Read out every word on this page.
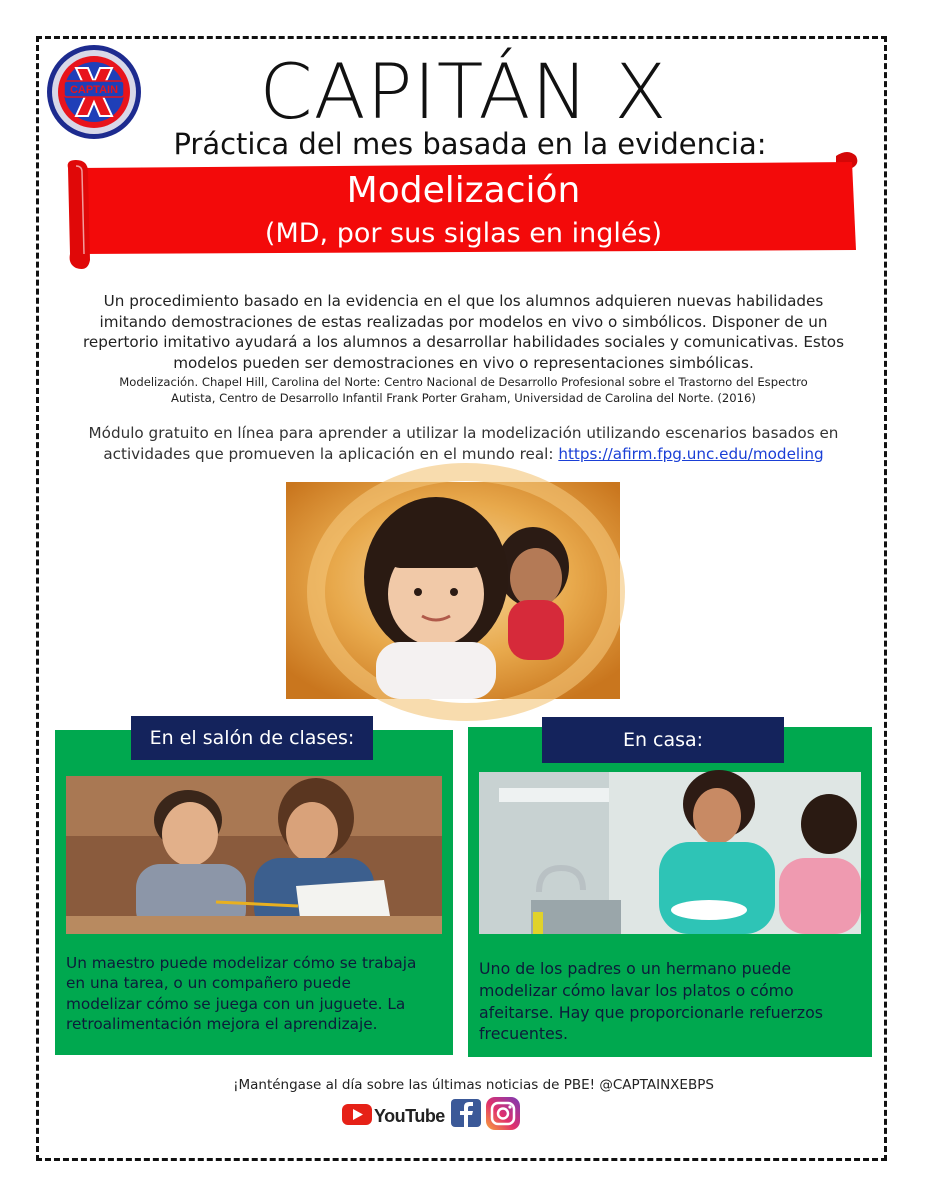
CAPTAIN	CAPITÁN X
Práctica del mes basada en la evidencia:
Modelización
(MD, por sus siglas en inglés)
Un procedimiento basado en la evidencia en el que los alumnos adquieren nuevas habilidades
imitando demostraciones de estas realizadas por modelos en vivo o simbólicos. Disponer de un
repertorio imitativo ayudará a los alumnos a desarrollar habilidades sociales y comunicativas. Estos
modelos pueden ser demostraciones en vivo o representaciones simbólicas.
Modelización. Chapel Hill, Carolina del Norte: Centro Nacional de Desarrollo Profesional sobre el Trastorno del Espectro
Autista, Centro de Desarrollo Infantil Frank Porter Graham, Universidad de Carolina del Norte. (2016)
Módulo gratuito en línea para aprender a utilizar la modelización utilizando escenarios basados en
actividades que promueven la aplicación en el mundo real: https://afirm.fpg.unc.edu/modeling
En el salón de clases:
Un maestro puede modelizar cómo se trabaja
en una tarea, o un compañero puede
modelizar cómo se juega con un juguete. La
retroalimentación mejora el aprendizaje.
En casa:
Uno de los padres o un hermano puede
modelizar cómo lavar los platos o cómo
afeitarse. Hay que proporcionarle refuerzos
frecuentes.
¡Manténgase al día sobre las últimas noticias de PBE! @CAPTAINXEBPS
YouTube
